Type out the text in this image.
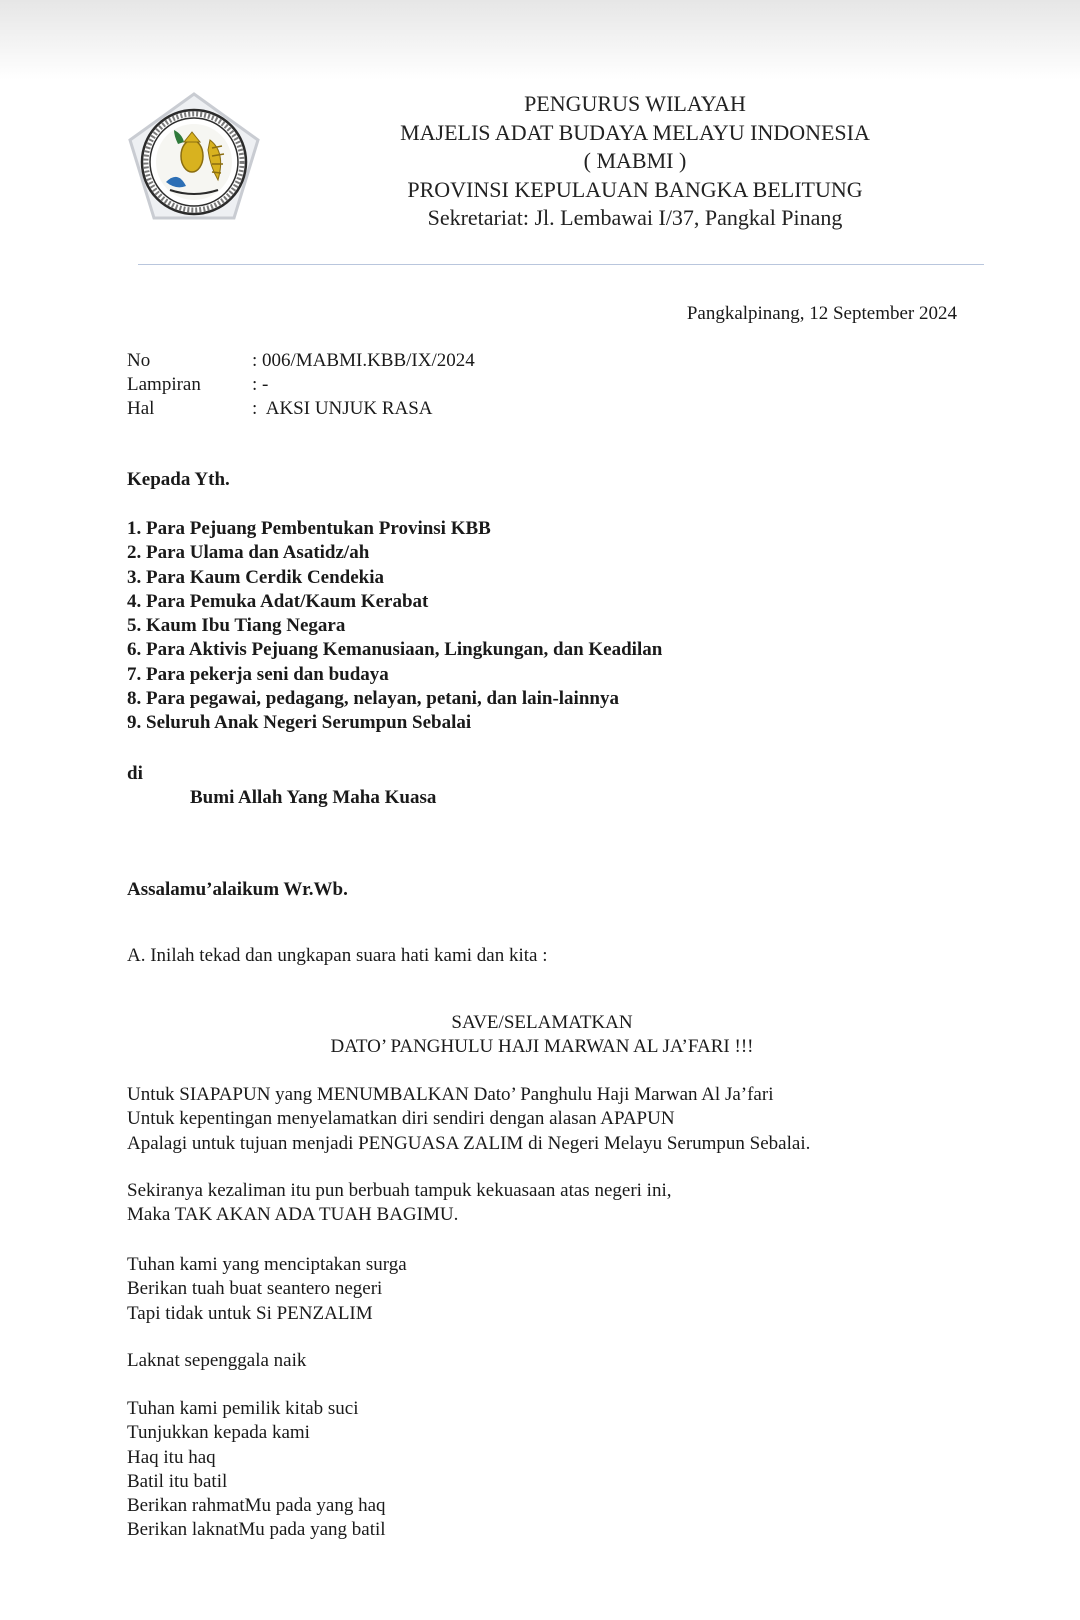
PENGURUS WILAYAH
MAJELIS ADAT BUDAYA MELAYU INDONESIA
( MABMI )
PROVINSI KEPULAUAN BANGKA BELITUNG
Sekretariat: Jl. Lembawai I/37, Pangkal Pinang
Pangkalpinang, 12 September 2024
No	: 006/MABMI.KBB/IX/2024
Lampiran	: -
Hal	:  AKSI UNJUK RASA
Kepada Yth.
1. Para Pejuang Pembentukan Provinsi KBB
2. Para Ulama dan Asatidz/ah
3. Para Kaum Cerdik Cendekia
4. Para Pemuka Adat/Kaum Kerabat
5. Kaum Ibu Tiang Negara
6. Para Aktivis Pejuang Kemanusiaan, Lingkungan, dan Keadilan
7. Para pekerja seni dan budaya
8. Para pegawai, pedagang, nelayan, petani, dan lain-lainnya
9. Seluruh Anak Negeri Serumpun Sebalai
di
Bumi Allah Yang Maha Kuasa
Assalamu’alaikum Wr.Wb.
A. Inilah tekad dan ungkapan suara hati kami dan kita :
SAVE/SELAMATKAN
DATO’ PANGHULU HAJI MARWAN AL JA’FARI !!!
Untuk SIAPAPUN yang MENUMBALKAN Dato’ Panghulu Haji Marwan Al Ja’fari
Untuk kepentingan menyelamatkan diri sendiri dengan alasan APAPUN
Apalagi untuk tujuan menjadi PENGUASA ZALIM di Negeri Melayu Serumpun Sebalai.
Sekiranya kezaliman itu pun berbuah tampuk kekuasaan atas negeri ini,
Maka TAK AKAN ADA TUAH BAGIMU.
Tuhan kami yang menciptakan surga
Berikan tuah buat seantero negeri
Tapi tidak untuk Si PENZALIM
Laknat sepenggala naik
Tuhan kami pemilik kitab suci
Tunjukkan kepada kami
Haq itu haq
Batil itu batil
Berikan rahmatMu pada yang haq
Berikan laknatMu pada yang batil
